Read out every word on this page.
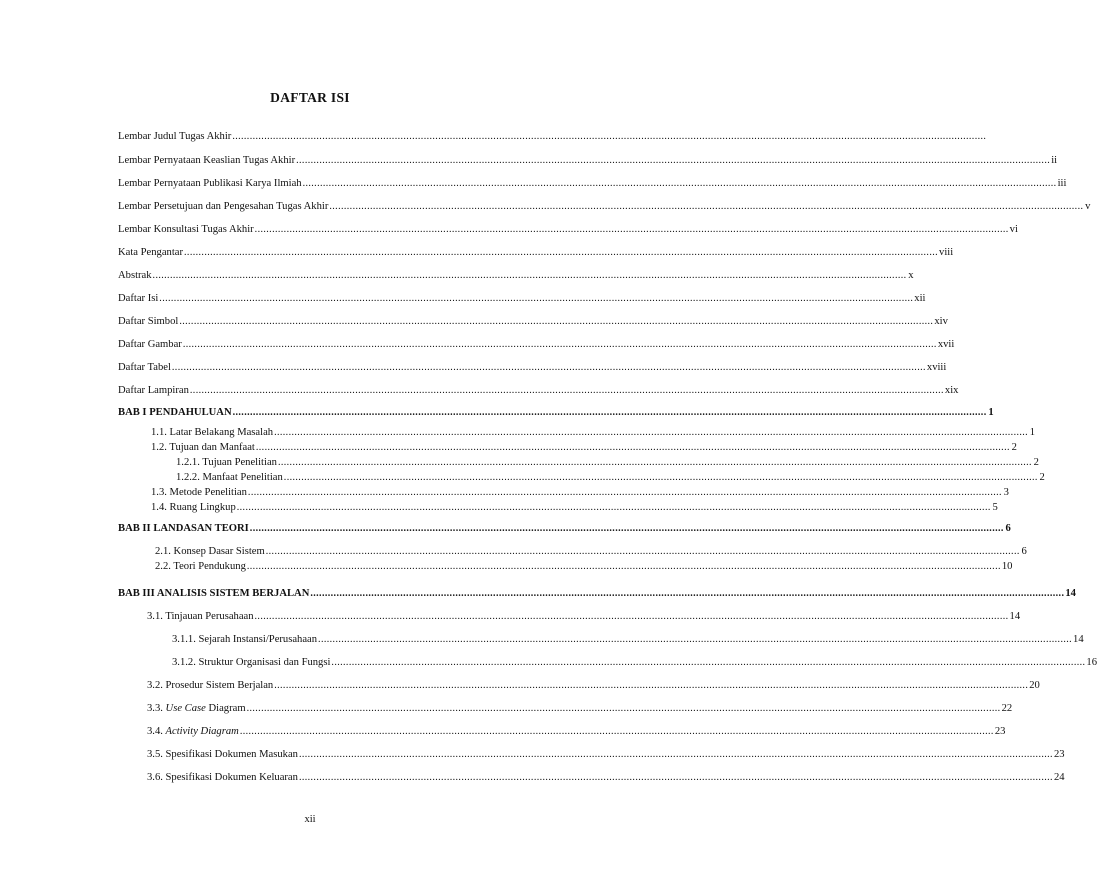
DAFTAR ISI
Lembar Judul Tugas Akhir ....................................................................................................................................................................................................................................................................
Lembar Pernyataan Keaslian Tugas Akhir .................................................................................................................................................................................................................................................................... ii
Lembar Pernyataan Publikasi Karya Ilmiah .................................................................................................................................................................................................................................................................... iii
Lembar Persetujuan dan Pengesahan Tugas Akhir .................................................................................................................................................................................................................................................................... v
Lembar Konsultasi Tugas Akhir .................................................................................................................................................................................................................................................................... vi
Kata Pengantar .................................................................................................................................................................................................................................................................... viii
Abstrak .................................................................................................................................................................................................................................................................... x
Daftar Isi .................................................................................................................................................................................................................................................................... xii
Daftar Simbol .................................................................................................................................................................................................................................................................... xiv
Daftar Gambar .................................................................................................................................................................................................................................................................... xvii
Daftar Tabel .................................................................................................................................................................................................................................................................... xviii
Daftar Lampiran .................................................................................................................................................................................................................................................................... xix
BAB I PENDAHULUAN .................................................................................................................................................................................................................................................................... 1
1.1. Latar Belakang Masalah .................................................................................................................................................................................................................................................................... 1
1.2. Tujuan dan Manfaat .................................................................................................................................................................................................................................................................... 2
1.2.1. Tujuan Penelitian .................................................................................................................................................................................................................................................................... 2
1.2.2. Manfaat Penelitian .................................................................................................................................................................................................................................................................... 2
1.3. Metode Penelitian .................................................................................................................................................................................................................................................................... 3
1.4. Ruang Lingkup .................................................................................................................................................................................................................................................................... 5
BAB II LANDASAN TEORI .................................................................................................................................................................................................................................................................... 6
2.1. Konsep Dasar Sistem .................................................................................................................................................................................................................................................................... 6
2.2. Teori Pendukung .................................................................................................................................................................................................................................................................... 10
BAB III ANALISIS SISTEM BERJALAN .................................................................................................................................................................................................................................................................... 14
3.1. Tinjauan Perusahaan .................................................................................................................................................................................................................................................................... 14
3.1.1. Sejarah Instansi/Perusahaan .................................................................................................................................................................................................................................................................... 14
3.1.2. Struktur Organisasi dan Fungsi .................................................................................................................................................................................................................................................................... 16
3.2. Prosedur Sistem Berjalan .................................................................................................................................................................................................................................................................... 20
3.3. Use Case Diagram .................................................................................................................................................................................................................................................................... 22
3.4. Activity Diagram .................................................................................................................................................................................................................................................................... 23
3.5. Spesifikasi Dokumen Masukan .................................................................................................................................................................................................................................................................... 23
3.6. Spesifikasi Dokumen Keluaran .................................................................................................................................................................................................................................................................... 24
xii
